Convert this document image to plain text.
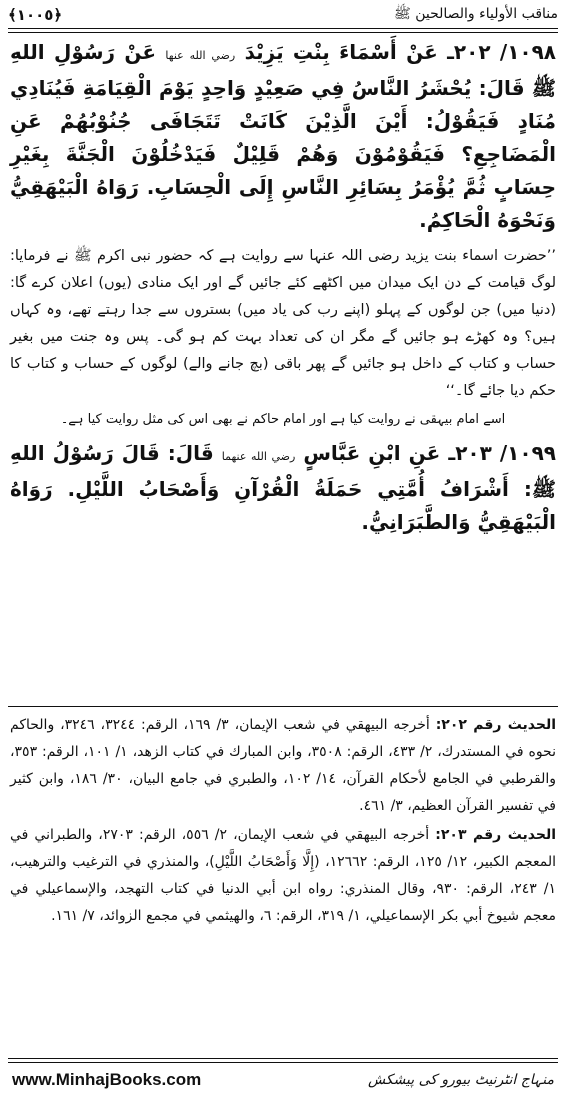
﴾١٠٠٥﴿	مناقب الأولياء والصالحين ﷺ

١٠٩٨/ ٢٠٢ـ عَنْ أَسْمَاءَ بِنْتِ يَزِيْدَ رضي الله عنها عَنْ رَسُوْلِ اللهِ ﷺ قَالَ: يُحْشَرُ النَّاسُ فِي صَعِيْدٍ وَاحِدٍ يَوْمَ الْقِيَامَةِ فَيُنَادِي مُنَادٍ فَيَقُوْلُ: أَيْنَ الَّذِيْنَ كَانَتْ تَتَجَافَى جُنُوْبُهُمْ عَنِ الْمَضَاجِعِ؟ فَيَقُوْمُوْنَ وَهُمْ قَلِيْلٌ فَيَدْخُلُوْنَ الْجَنَّةَ بِغَيْرِ حِسَابٍ ثُمَّ يُؤْمَرُ بِسَائِرِ النَّاسِ إِلَى الْحِسَابِ. رَوَاهُ الْبَيْهَقِيُّ وَنَحْوَهُ الْحَاكِمُ.

’’حضرت اسماء بنت یزید رضی اللہ عنہا سے روایت ہے کہ حضور نبی اکرم ﷺ نے فرمایا: لوگ قیامت کے دن ایک میدان میں اکٹھے کئے جائیں گے اور ایک منادی (یوں) اعلان کرے گا: (دنیا میں) جن لوگوں کے پہلو (اپنے رب کی یاد میں) بستروں سے جدا رہتے تھے، وہ کہاں ہیں؟ وہ کھڑے ہو جائیں گے مگر ان کی تعداد بہت کم ہو گی۔ پس وہ جنت میں بغیر حساب و کتاب کے داخل ہو جائیں گے پھر باقی (بچ جانے والے) لوگوں کے حساب و کتاب کا حکم دیا جائے گا۔‘‘

اسے امام بیہقی نے روایت کیا ہے اور امام حاکم نے بھی اس کی مثل روایت کیا ہے۔

١٠٩٩/ ٢٠٣ـ عَنِ ابْنِ عَبَّاسٍ رضي الله عنهما قَالَ: قَالَ رَسُوْلُ اللهِ ﷺ: أَشْرَافُ أُمَّتِي حَمَلَةُ الْقُرْآنِ وَأَصْحَابُ اللَّيْلِ. رَوَاهُ الْبَيْهَقِيُّ وَالطَّبَرَانِيُّ.

الحديث رقم ٢٠٢: أخرجه البيهقي في شعب الإيمان، ٣/ ١٦٩، الرقم: ٣٢٤٤، ٣٢٤٦، والحاكم نحوه في المستدرك، ٢/ ٤٣٣، الرقم: ٣٥٠٨، وابن المبارك في كتاب الزهد، ١/ ١٠١، الرقم: ٣٥٣، والقرطبي في الجامع لأحكام القرآن، ١٤/ ١٠٢، والطبري في جامع البيان، ٣٠/ ١٨٦، وابن كثير في تفسير القرآن العظيم، ٣/ ٤٦١.

الحديث رقم ٢٠٣: أخرجه البيهقي في شعب الإيمان، ٢/ ٥٥٦، الرقم: ٢٧٠٣، والطبراني في المعجم الكبير، ١٢/ ١٢٥، الرقم: ١٢٦٦٢، (إِلَّا وَأَصْحَابُ اللَّيْلِ)، والمنذري في الترغيب والترهيب، ١/ ٢٤٣، الرقم: ٩٣٠، وقال المنذري: رواه ابن أبي الدنيا في كتاب التهجد، والإسماعيلي في معجم شيوخ أبي بكر الإسماعيلي، ١/ ٣١٩، الرقم: ٦، والهيثمي في مجمع الزوائد، ٧/ ١٦١.

www.MinhajBooks.com	منہاج انٹرنیٹ بیورو کی پیشکش
